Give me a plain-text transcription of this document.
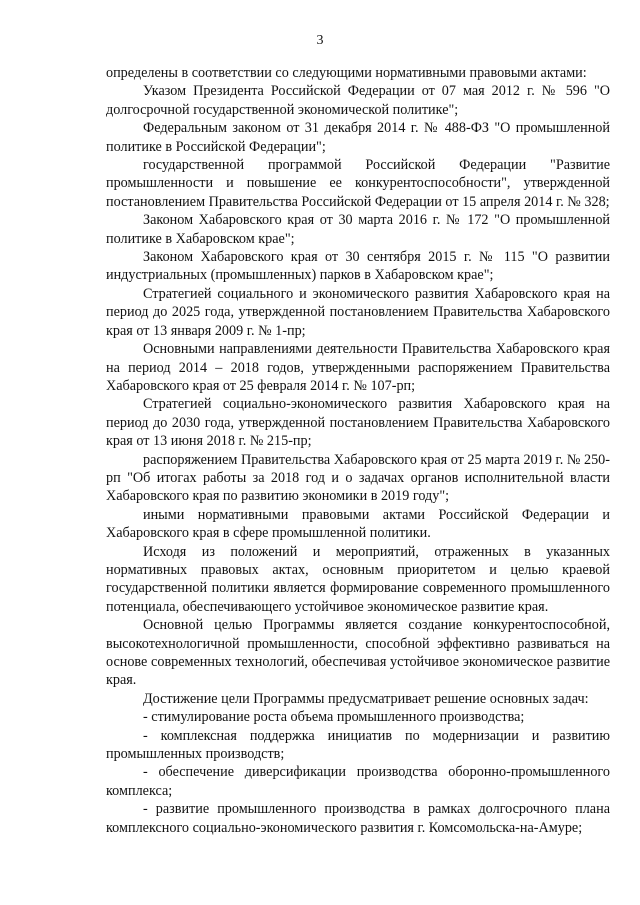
3

определены в соответствии со следующими нормативными правовыми актами:

Указом Президента Российской Федерации от 07 мая 2012 г. № 596 "О долгосрочной государственной экономической политике";

Федеральным законом от 31 декабря 2014 г. № 488-ФЗ "О промышленной политике в Российской Федерации";

государственной программой Российской Федерации "Развитие промышленности и повышение ее конкурентоспособности", утвержденной постановлением Правительства Российской Федерации от 15 апреля 2014 г. № 328;

Законом Хабаровского края от 30 марта 2016 г. № 172 "О промышленной политике в Хабаровском крае";

Законом Хабаровского края от 30 сентября 2015 г. № 115 "О развитии индустриальных (промышленных) парков в Хабаровском крае";

Стратегией социального и экономического развития Хабаровского края на период до 2025 года, утвержденной постановлением Правительства Хабаровского края от 13 января 2009 г. № 1-пр;

Основными направлениями деятельности Правительства Хабаровского края на период 2014 – 2018 годов, утвержденными распоряжением Правительства Хабаровского края от 25 февраля 2014 г. № 107-рп;

Стратегией социально-экономического развития Хабаровского края на период до 2030 года, утвержденной постановлением Правительства Хабаровского края от 13 июня 2018 г. № 215-пр;

распоряжением Правительства Хабаровского края от 25 марта 2019 г. № 250-рп "Об итогах работы за 2018 год и о задачах органов исполнительной власти Хабаровского края по развитию экономики в 2019 году";

иными нормативными правовыми актами Российской Федерации и Хабаровского края в сфере промышленной политики.

Исходя из положений и мероприятий, отраженных в указанных нормативных правовых актах, основным приоритетом и целью краевой государственной политики является формирование современного промышленного потенциала, обеспечивающего устойчивое экономическое развитие края.

Основной целью Программы является создание конкурентоспособной, высокотехнологичной промышленности, способной эффективно развиваться на основе современных технологий, обеспечивая устойчивое экономическое развитие края.

Достижение цели Программы предусматривает решение основных задач:

- стимулирование роста объема промышленного производства;

- комплексная поддержка инициатив по модернизации и развитию промышленных производств;

- обеспечение диверсификации производства оборонно-промышленного комплекса;

- развитие промышленного производства в рамках долгосрочного плана комплексного социально-экономического развития г. Комсомольска-на-Амуре;
